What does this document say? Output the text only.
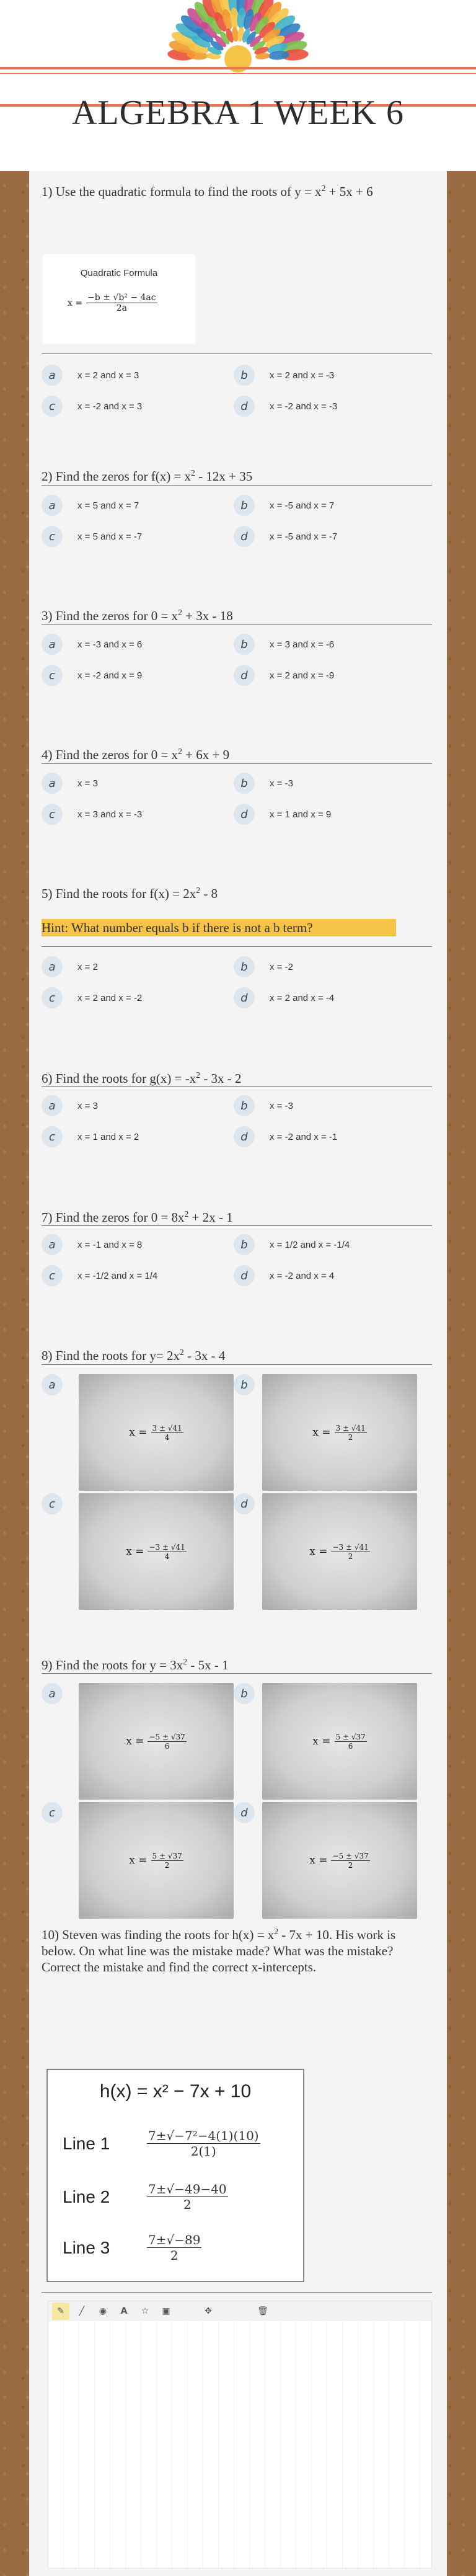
ALGEBRA 1 WEEK 6
1) Use the quadratic formula to find the roots of $y = x^2 + 5x + 6$
Quadratic Formula
$x = \frac{\text{−b ± √b² − 4ac}}{2a}$
a	x = 2 and x = 3	b	x = 2 and x = -3
c	x = -2 and x = 3	d	x = -2 and x = -3
2) Find the zeros for $f(x) = x^2 - 12x + 35$
a	x = 5 and x = 7	b	x = -5 and x = 7
c	x = 5 and x = -7	d	x = -5 and x = -7
3) Find the zeros for $0 = x^2 + 3x - 18$
a	x = -3 and x = 6	b	x = 3 and x = -6
c	x = -2 and x = 9	d	x = 2 and x = -9
4) Find the zeros for $0 = x^2 + 6x + 9$
a	x = 3	b	x = -3
c	x = 3 and x = -3	d	x = 1 and x = 9
5) Find the roots for $f(x) = 2x^2 - 8$
Hint: What number equals b if there is not a b term?
a	x = 2	b	x = -2
c	x = 2 and x = -2	d	x = 2 and x = -4
6) Find the roots for $g(x) = -x^2 - 3x - 2$
a	x = 3	b	x = -3
c	x = 1 and x = 2	d	x = -2 and x = -1
7) Find the zeros for $0 = 8x^2 + 2x - 1$
a	x = -1 and x = 8	b	x = 1/2 and x = -1/4
c	x = -1/2 and x = 1/4	d	x = -2 and x = 4
8) Find the roots for $y= 2x^2 - 3x - 4$
a
$x = \frac{3 \pm √41}{4}$
b
$x = \frac{3 \pm √41}{2}$
c
$x = \frac{-3 \pm √41}{4}$
d
$x = \frac{-3 \pm √41}{2}$
9) Find the roots for $y = 3x^2 - 5x - 1$
a
$x = \frac{-5 \pm √37}{6}$
b
$x = \frac{5 \pm √37}{6}$
c
$x = \frac{5 \pm √37}{2}$
d
$x = \frac{-5 \pm √37}{2}$
10) Steven was finding the roots for $h(x) = x^2 - 7x + 10$. His work is below. On what line was the mistake made? What was the mistake? Correct the mistake and find the correct x-intercepts.
h(x) = x² − 7x + 10
Line 1	$\frac{\text{7±√−7²−4(1)(10)}}{2(1)}$
Line 2	$\frac{7\pm√-49-40}{2}$
Line 3	$\frac{7\pm√-89}{2}$
✎	╱	◉	A	☆	▣	✥	🗑
